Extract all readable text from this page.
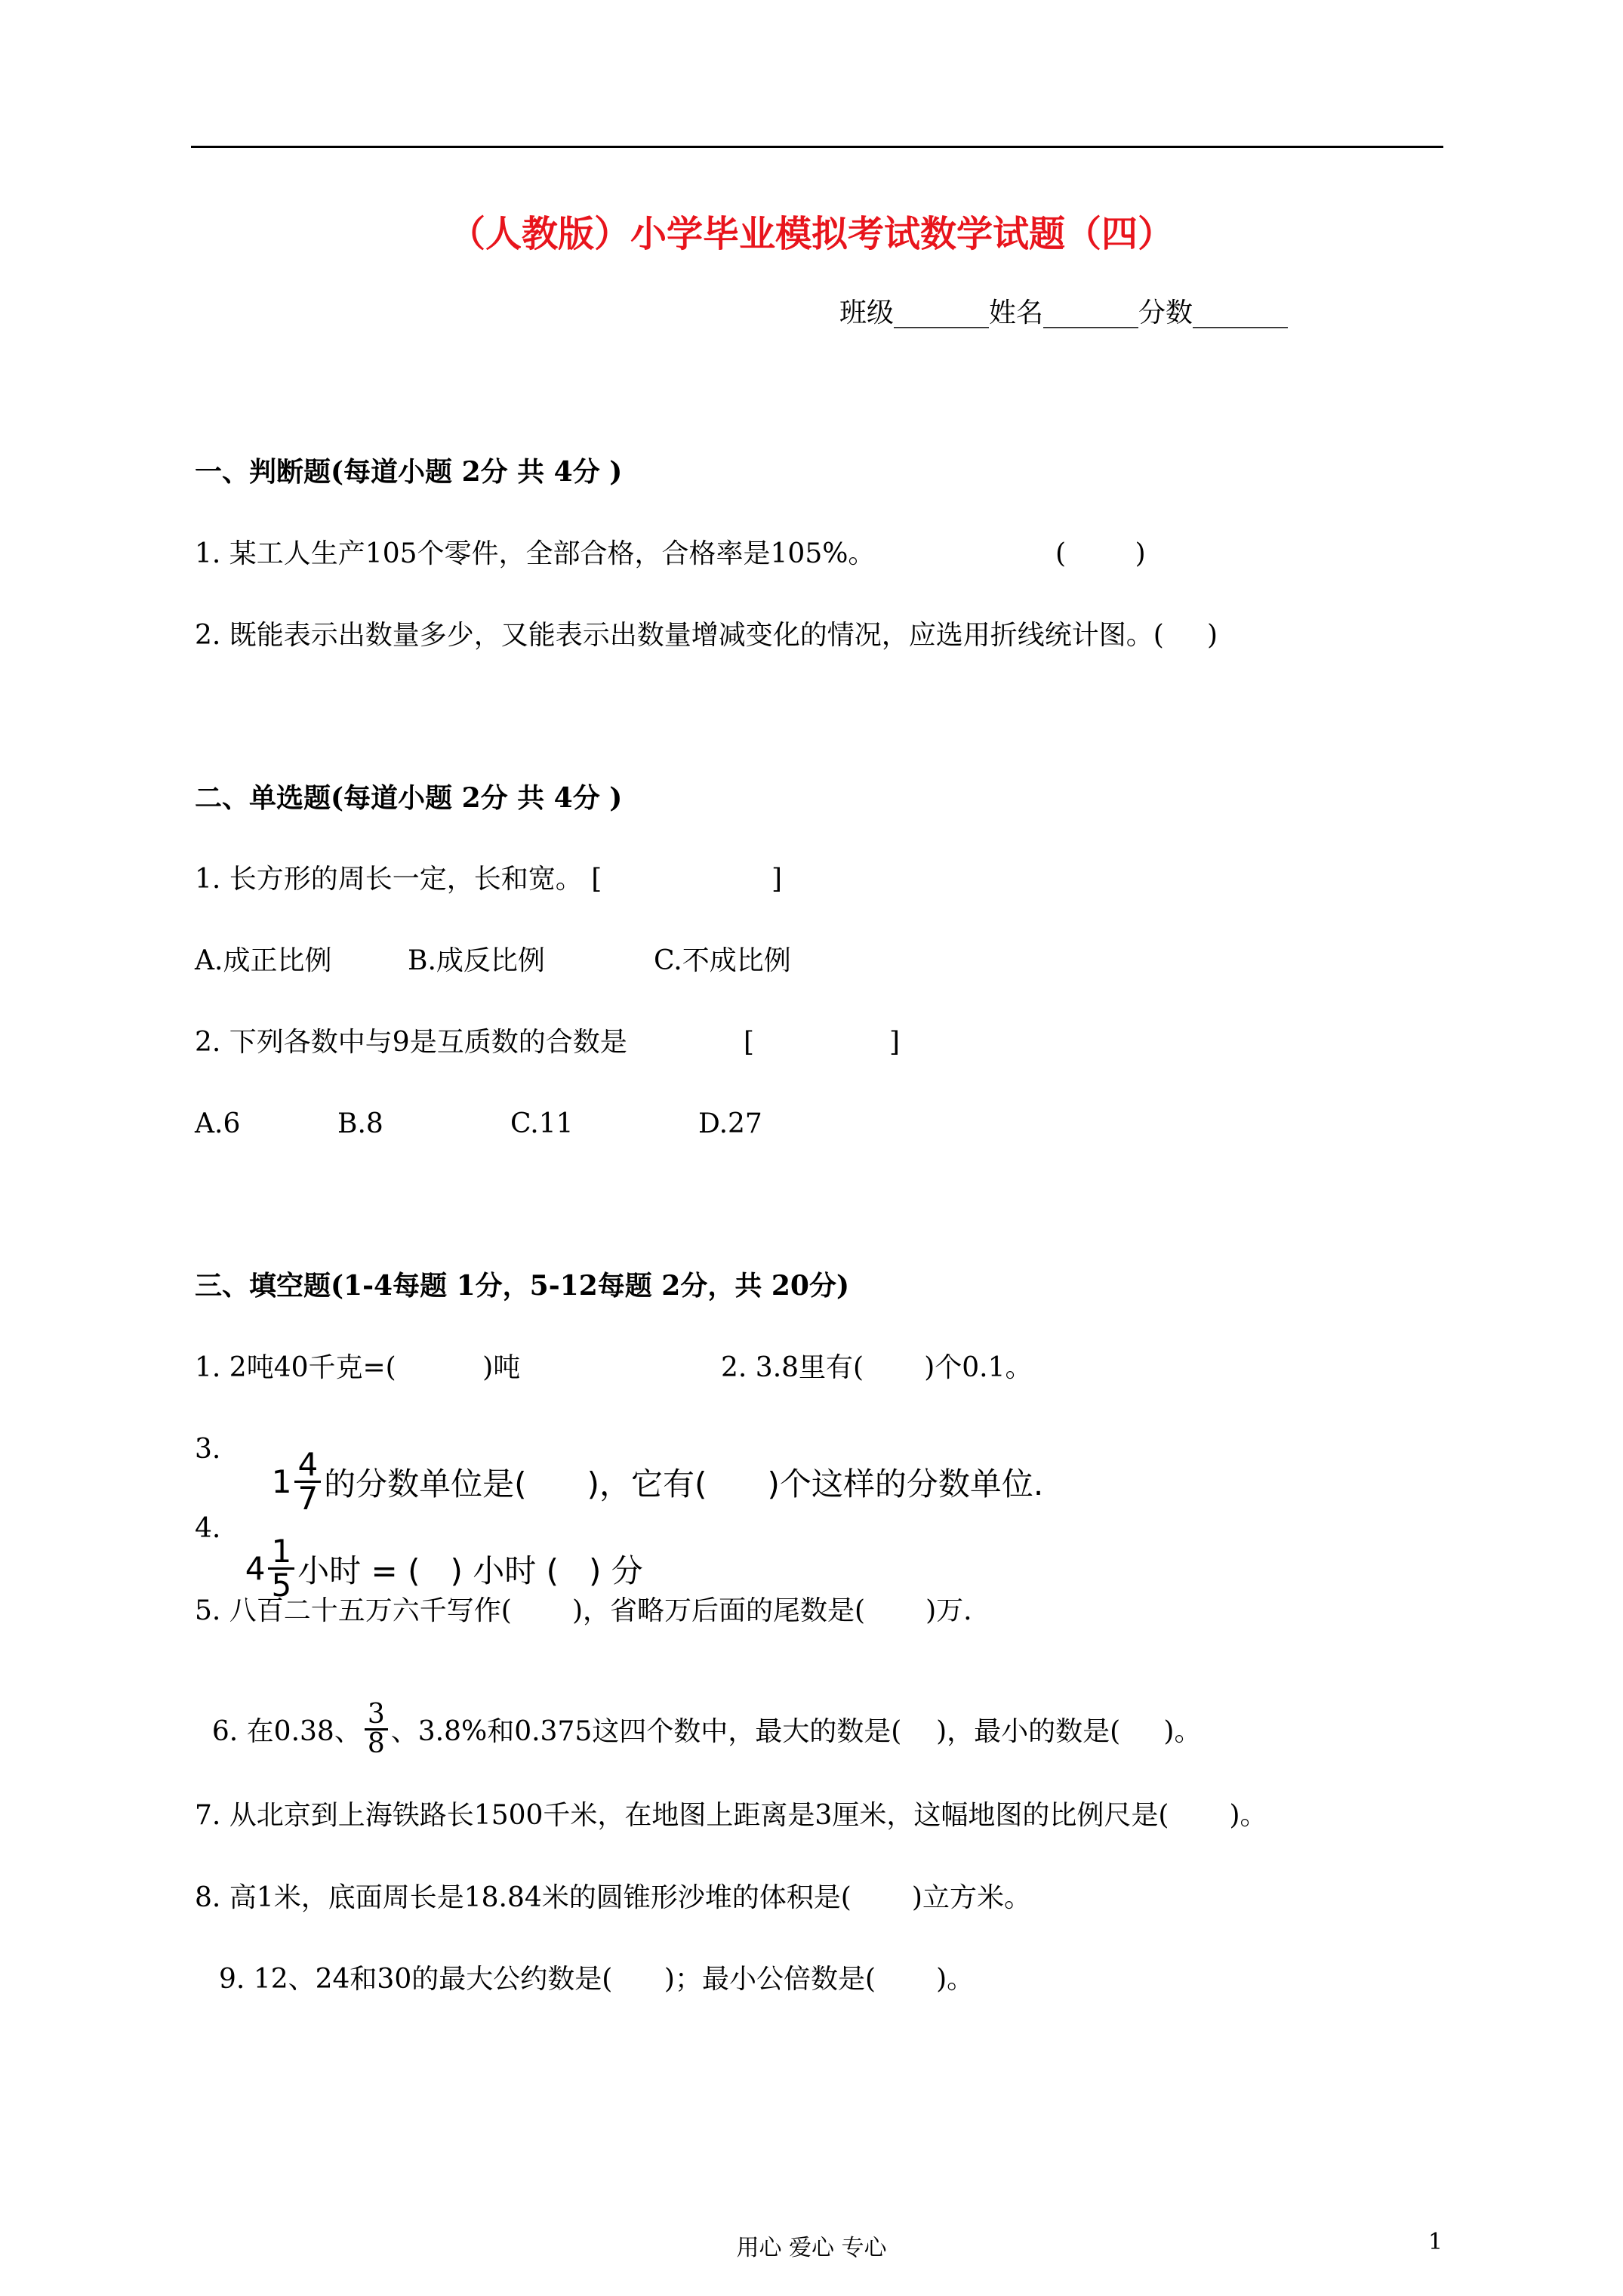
（人教版）小学毕业模拟考试数学试题（四）
班级_______姓名_______分数_______
一、判断题(每道小题 2分 共 4分 )
1. 某工人生产105个零件，全部合格，合格率是105%。	(        )
2. 既能表示出数量多少，又能表示出数量增减变化的情况，应选用折线统计图。(     )
二、单选题(每道小题 2分 共 4分 )
1. 长方形的周长一定，长和宽。 [	]
A.成正比例	B.成反比例	C.不成比例
2. 下列各数中与9是互质数的合数是	[	]
A.6	B.8	C.11	D.27
三、填空题(1-4每题 1分，5-12每题 2分，共 20分)
1. 2吨40千克=(          )吨	2. 3.8里有(       )个0.1。
3.

$1 \frac{4}{7}$ 的分数单位是(      )，它有(      )个这样的分数单位.

4.

$4 \frac{1}{5}$ 小时 = (   ) 小时 (   ) 分

5. 八百二十五万六千写作(       )，省略万后面的尾数是(       )万.

6. 在0.38、 $\frac{3}{8}$ 、3.8%和0.375这四个数中，最大的数是(    )，最小的数是(     )。

7. 从北京到上海铁路长1500千米，在地图上距离是3厘米，这幅地图的比例尺是(       )。
8. 高1米，底面周长是18.84米的圆锥形沙堆的体积是(       )立方米。
9. 12、24和30的最大公约数是(      )；最小公倍数是(       )。
用心 爱心 专心	1
